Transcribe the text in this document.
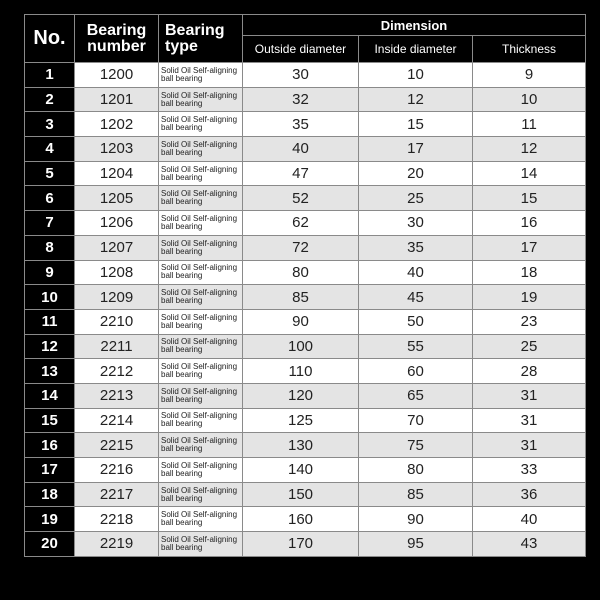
No.	Bearing number	Bearing type	Dimension		
			Outside diameter	Inside diameter	Thickness
1	1200	Solid Oil Self-aligning ball bearing	30	10	9
2	1201	Solid Oil Self-aligning ball bearing	32	12	10
3	1202	Solid Oil Self-aligning ball bearing	35	15	11
4	1203	Solid Oil Self-aligning ball bearing	40	17	12
5	1204	Solid Oil Self-aligning ball bearing	47	20	14
6	1205	Solid Oil Self-aligning ball bearing	52	25	15
7	1206	Solid Oil Self-aligning ball bearing	62	30	16
8	1207	Solid Oil Self-aligning ball bearing	72	35	17
9	1208	Solid Oil Self-aligning ball bearing	80	40	18
10	1209	Solid Oil Self-aligning ball bearing	85	45	19
11	2210	Solid Oil Self-aligning ball bearing	90	50	23
12	2211	Solid Oil Self-aligning ball bearing	100	55	25
13	2212	Solid Oil Self-aligning ball bearing	110	60	28
14	2213	Solid Oil Self-aligning ball bearing	120	65	31
15	2214	Solid Oil Self-aligning ball bearing	125	70	31
16	2215	Solid Oil Self-aligning ball bearing	130	75	31
17	2216	Solid Oil Self-aligning ball bearing	140	80	33
18	2217	Solid Oil Self-aligning ball bearing	150	85	36
19	2218	Solid Oil Self-aligning ball bearing	160	90	40
20	2219	Solid Oil Self-aligning ball bearing	170	95	43
